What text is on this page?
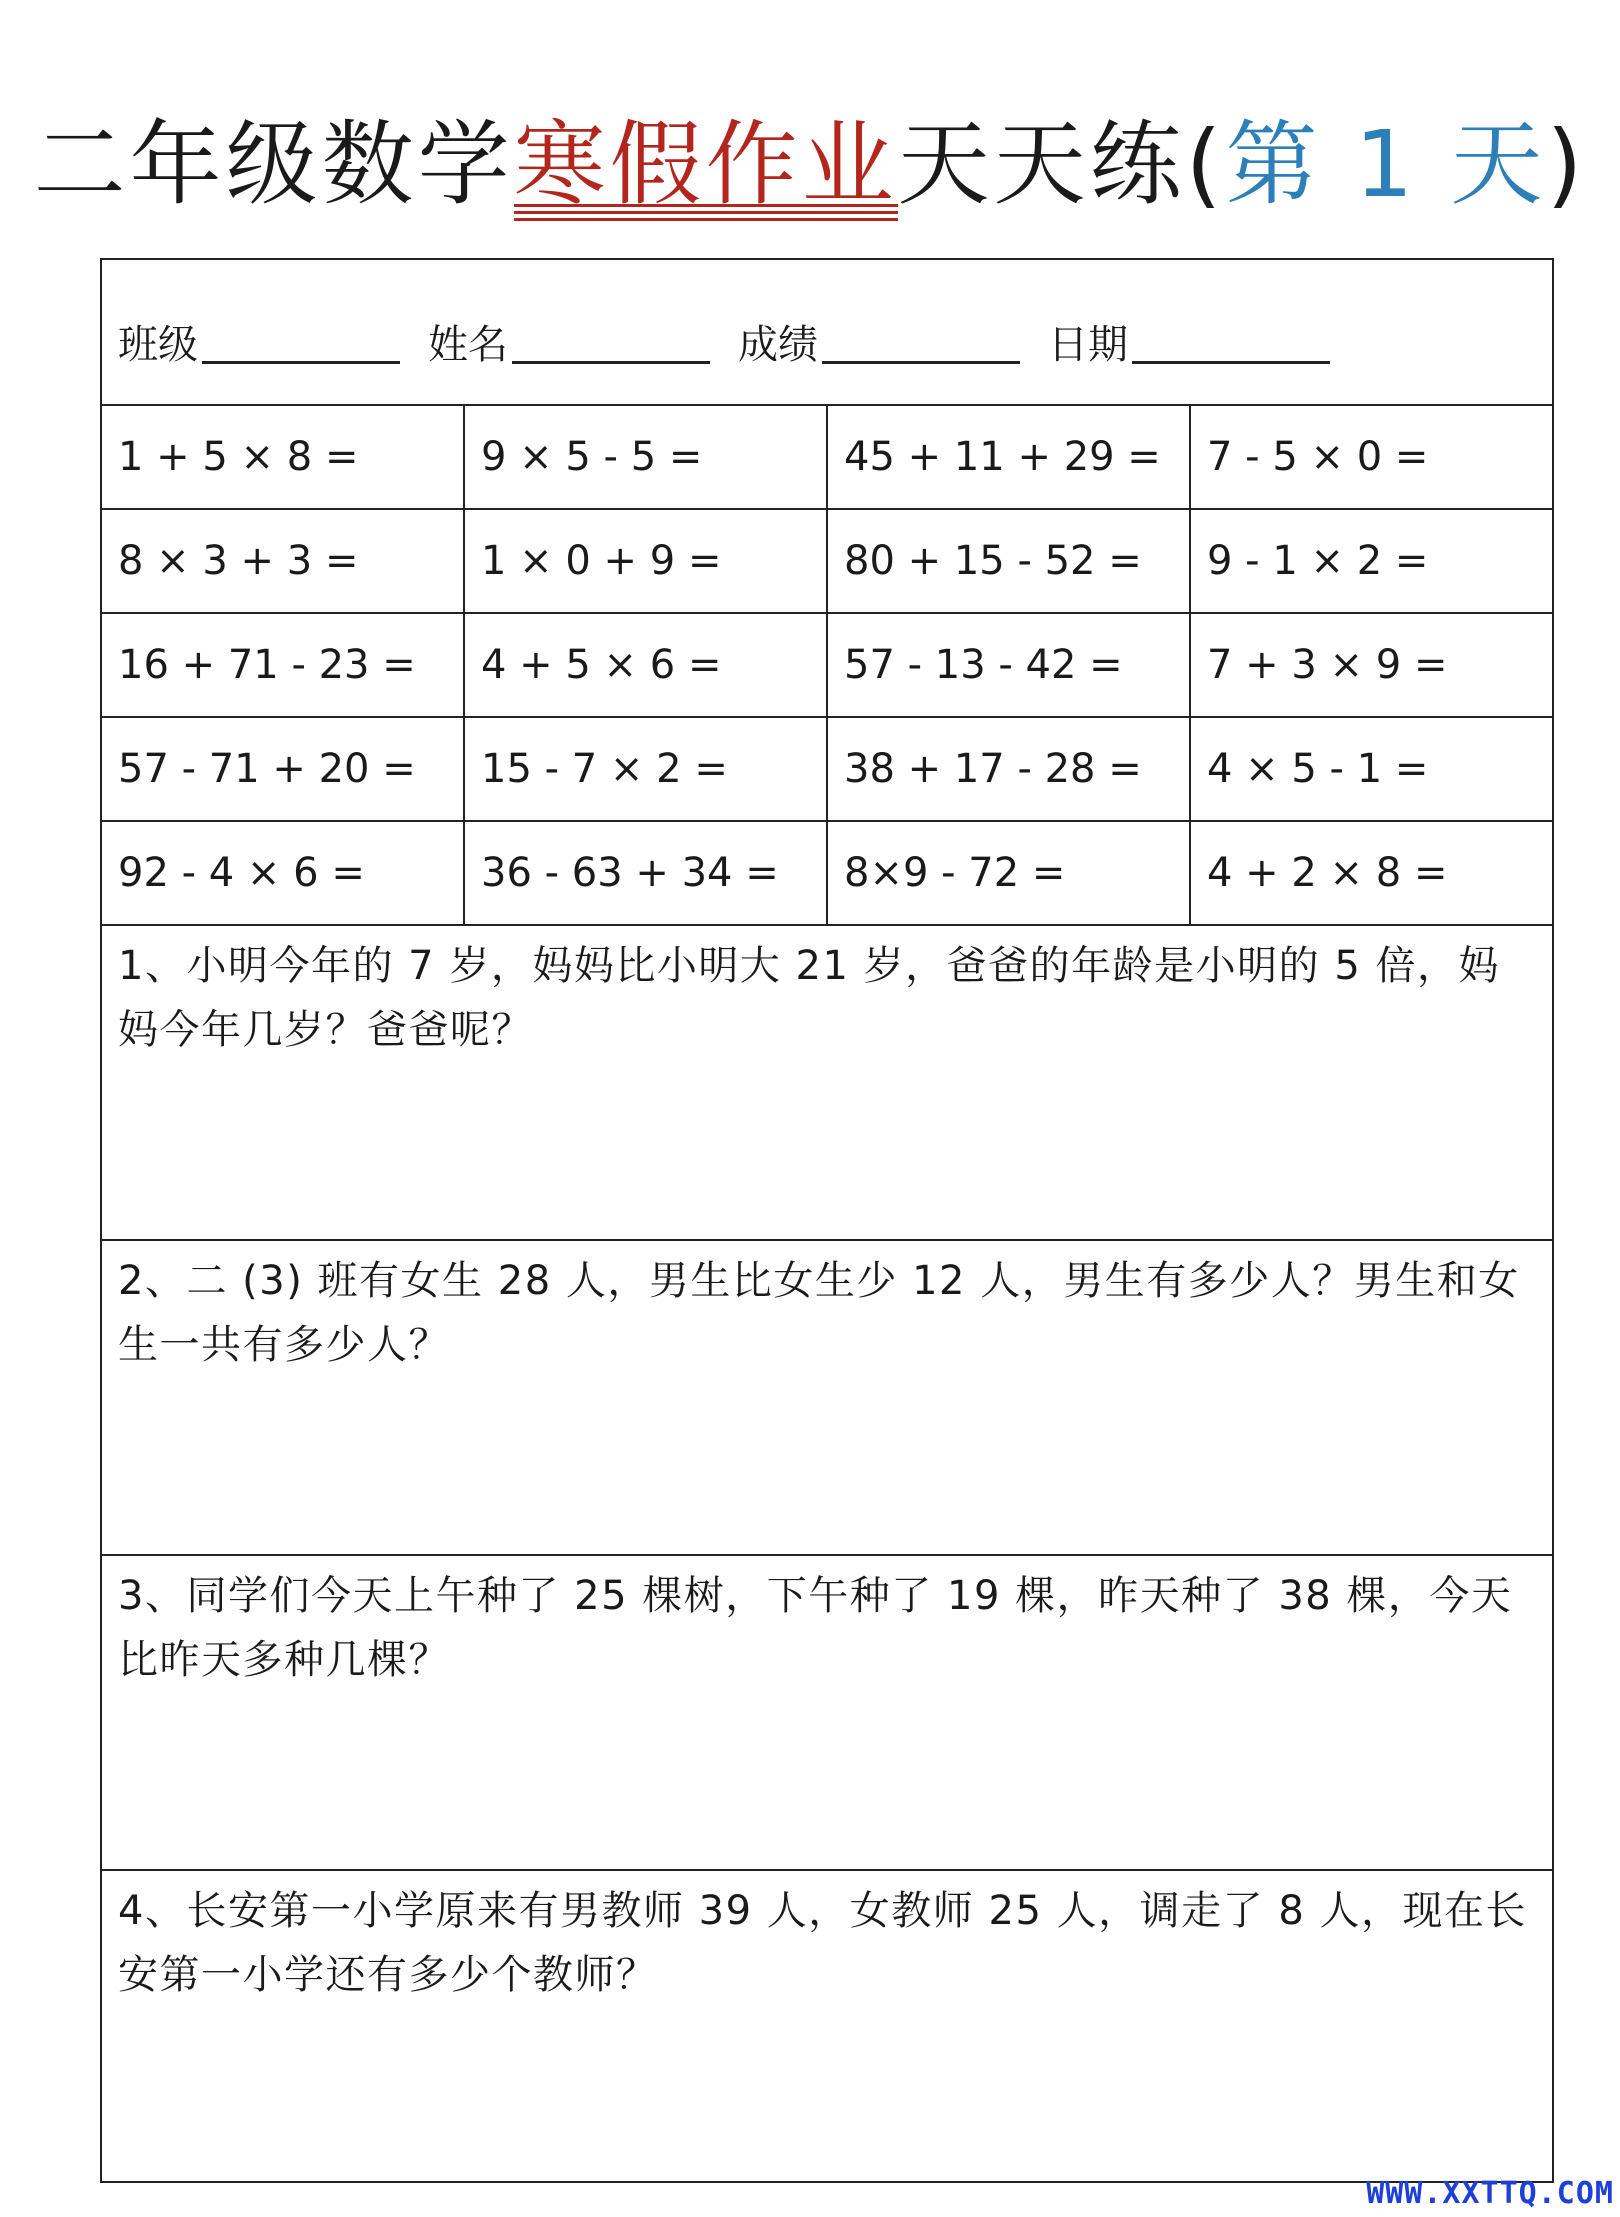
二年级数学寒假作业天天练(第 1 天)
班级	姓名	成绩	日期
1 + 5 × 8 =	9 × 5 - 5 =	45 + 11 + 29 =	7 - 5 × 0 =
8 × 3 + 3 =	1 × 0 + 9 =	80 + 15 - 52 =	9 - 1 × 2 =
16 + 71 - 23 =	4 + 5 × 6 =	57 - 13 - 42 =	7 + 3 × 9 =
57 - 71 + 20 =	15 - 7 × 2 =	38 + 17 - 28 =	4 × 5 - 1 =
92 - 4 × 6 =	36 - 63 + 34 =	8×9 - 72 =	4 + 2 × 8 =
1、小明今年的 7 岁，妈妈比小明大 21 岁，爸爸的年龄是小明的 5 倍，妈妈今年几岁？爸爸呢？
2、二 (3) 班有女生 28 人，男生比女生少 12 人，男生有多少人？男生和女生一共有多少人？
3、同学们今天上午种了 25 棵树，下午种了 19 棵，昨天种了 38 棵，今天比昨天多种几棵？
4、长安第一小学原来有男教师 39 人，女教师 25 人，调走了 8 人，现在长安第一小学还有多少个教师？
WWW.XXTTQ.COM
